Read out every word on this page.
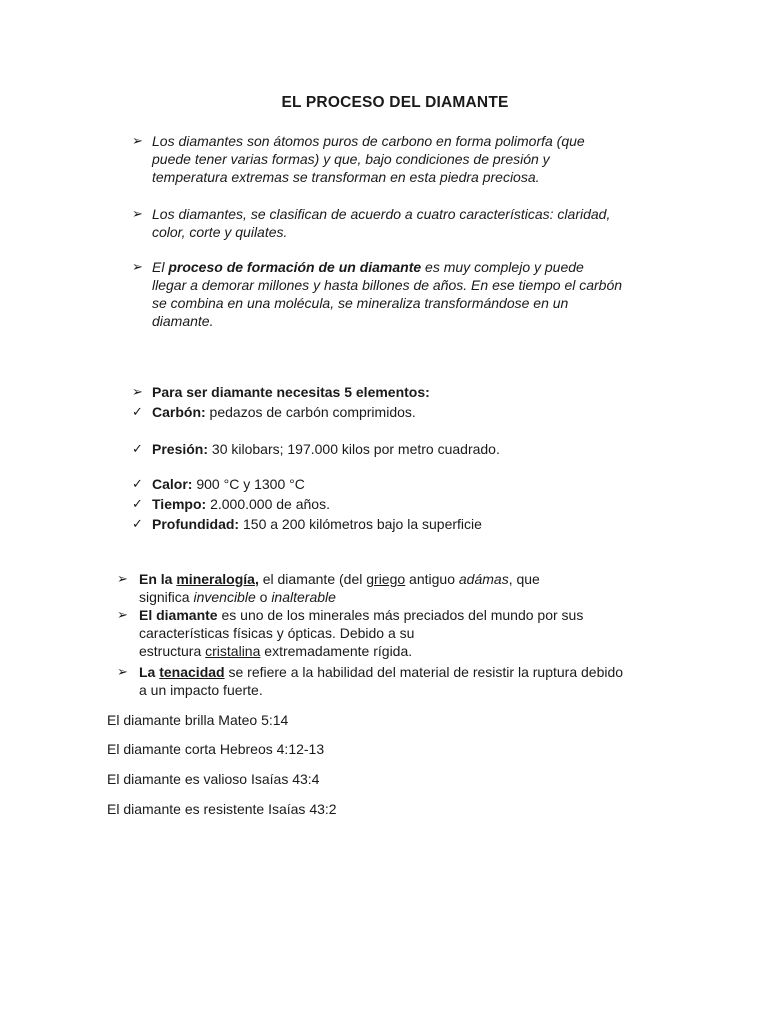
EL PROCESO DEL DIAMANTE
➢ Los diamantes son átomos puros de carbono en forma polimorfa (que
puede tener varias formas) y que, bajo condiciones de presión y
temperatura extremas se transforman en esta piedra preciosa.
➢ Los diamantes, se clasifican de acuerdo a cuatro características: claridad,
color, corte y quilates.
➢ El proceso de formación de un diamante es muy complejo y puede
llegar a demorar millones y hasta billones de años. En ese tiempo el carbón
se combina en una molécula, se mineraliza transformándose en un
diamante.
➢ Para ser diamante necesitas 5 elementos:
✓ Carbón: pedazos de carbón comprimidos.
✓ Presión: 30 kilobars; 197.000 kilos por metro cuadrado.
✓ Calor: 900 °C y 1300 °C
✓ Tiempo: 2.000.000 de años.
✓ Profundidad: 150 a 200 kilómetros bajo la superficie
➢ En la mineralogía, el diamante (del griego antiguo adámas, que
significa invencible o inalterable
➢ El diamante es uno de los minerales más preciados del mundo por sus
características físicas y ópticas. Debido a su
estructura cristalina extremadamente rígida.
➢ La tenacidad se refiere a la habilidad del material de resistir la ruptura debido
a un impacto fuerte.
El diamante brilla Mateo 5:14
El diamante corta Hebreos 4:12-13
El diamante es valioso Isaías 43:4
El diamante es resistente Isaías 43:2
